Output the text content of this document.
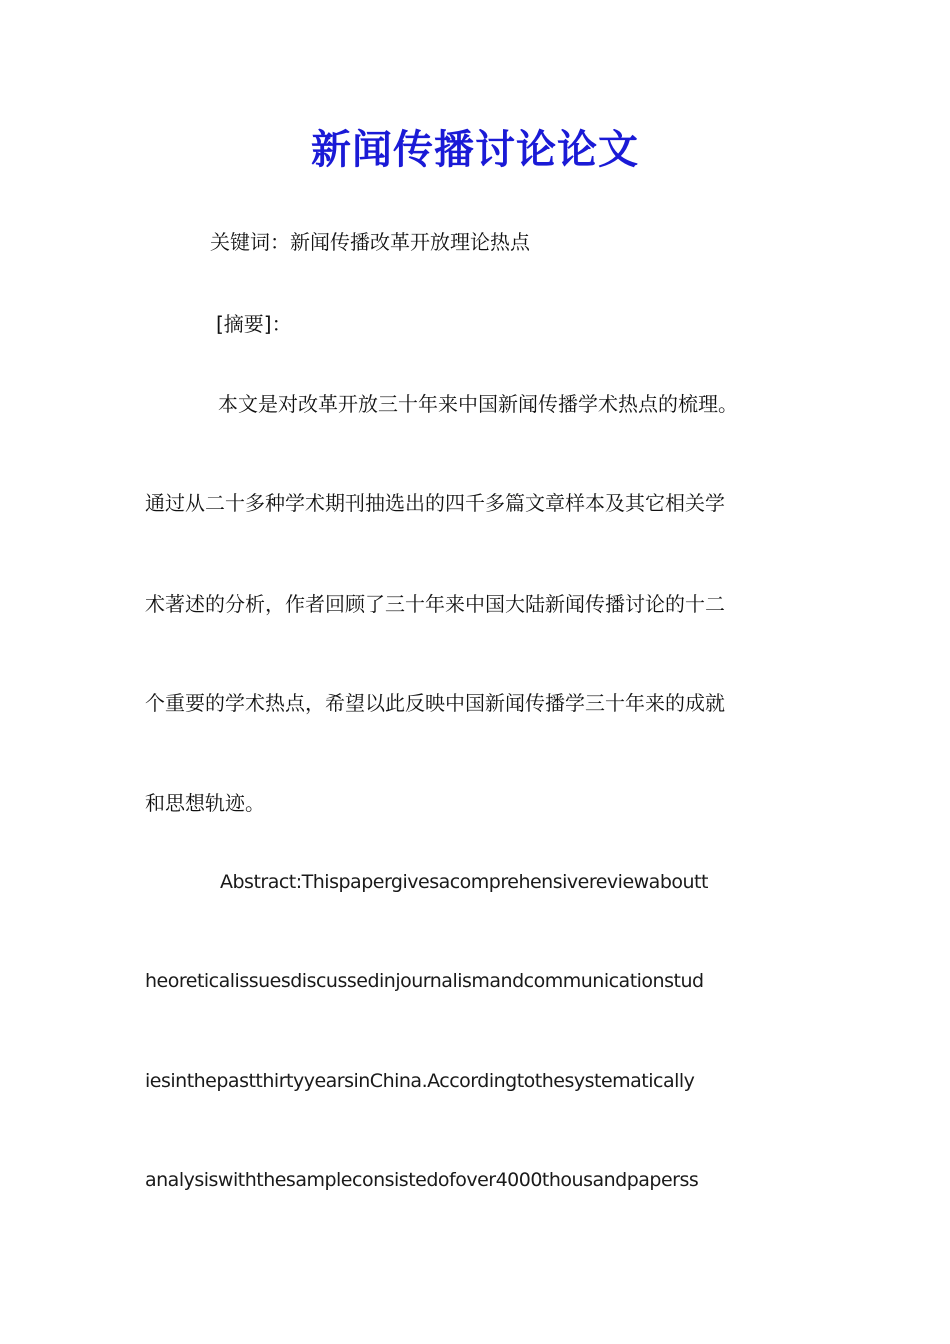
新闻传播讨论论文
关键词：新闻传播改革开放理论热点
[摘要]：
本文是对改革开放三十年来中国新闻传播学术热点的梳理。
通过从二十多种学术期刊抽选出的四千多篇文章样本及其它相关学
术著述的分析，作者回顾了三十年来中国大陆新闻传播讨论的十二
个重要的学术热点，希望以此反映中国新闻传播学三十年来的成就
和思想轨迹。
Abstract:Thispapergivesacomprehensivereviewaboutt
heoreticalissuesdiscussedinjournalismandcommunicationstud
iesinthepastthirtyyearsinChina.Accordingtothesystematically
analysiswiththesampleconsistedofover4000thousandpaperss
